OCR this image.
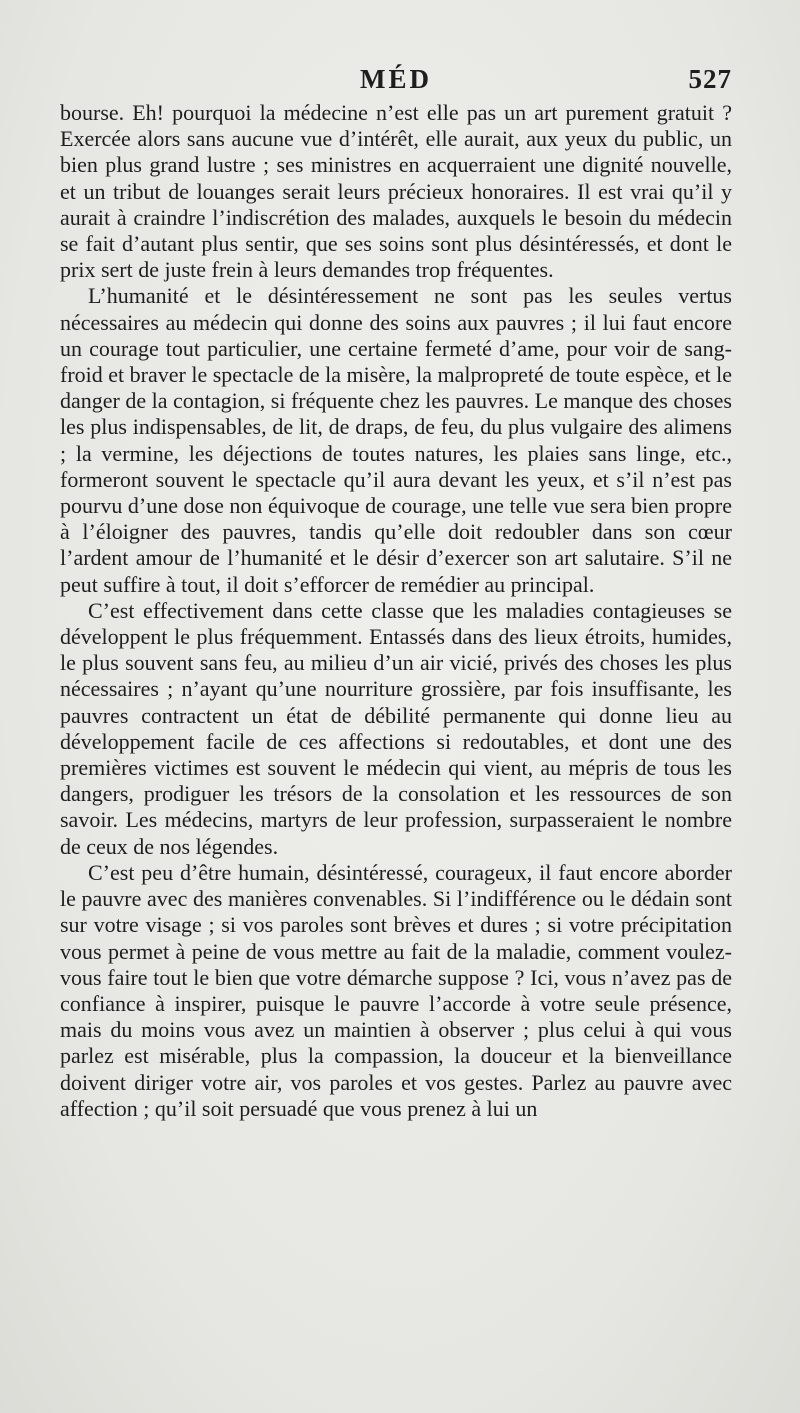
MÉD	527

bourse. Eh! pourquoi la médecine n’est elle pas un art purement gratuit ? Exercée alors sans aucune vue d’intérêt, elle aurait, aux yeux du public, un bien plus grand lustre ; ses ministres en acquerraient une dignité nouvelle, et un tribut de louanges serait leurs précieux honoraires. Il est vrai qu’il y aurait à craindre l’indiscrétion des malades, auxquels le besoin du médecin se fait d’autant plus sentir, que ses soins sont plus désintéressés, et dont le prix sert de juste frein à leurs demandes trop fréquentes.

L’humanité et le désintéressement ne sont pas les seules vertus nécessaires au médecin qui donne des soins aux pauvres ; il lui faut encore un courage tout particulier, une certaine fermeté d’ame, pour voir de sang-froid et braver le spectacle de la misère, la malpropreté de toute espèce, et le danger de la contagion, si fréquente chez les pauvres. Le manque des choses les plus indispensables, de lit, de draps, de feu, du plus vulgaire des alimens ; la vermine, les déjections de toutes natures, les plaies sans linge, etc., formeront souvent le spectacle qu’il aura devant les yeux, et s’il n’est pas pourvu d’une dose non équivoque de courage, une telle vue sera bien propre à l’éloigner des pauvres, tandis qu’elle doit redoubler dans son cœur l’ardent amour de l’humanité et le désir d’exercer son art salutaire. S’il ne peut suffire à tout, il doit s’efforcer de remédier au principal.

C’est effectivement dans cette classe que les maladies contagieuses se développent le plus fréquemment. Entassés dans des lieux étroits, humides, le plus souvent sans feu, au milieu d’un air vicié, privés des choses les plus nécessaires ; n’ayant qu’une nourriture grossière, par fois insuffisante, les pauvres contractent un état de débilité permanente qui donne lieu au développement facile de ces affections si redoutables, et dont une des premières victimes est souvent le médecin qui vient, au mépris de tous les dangers, prodiguer les trésors de la consolation et les ressources de son savoir. Les médecins, martyrs de leur profession, surpasseraient le nombre de ceux de nos légendes.

C’est peu d’être humain, désintéressé, courageux, il faut encore aborder le pauvre avec des manières convenables. Si l’indifférence ou le dédain sont sur votre visage ; si vos paroles sont brèves et dures ; si votre précipitation vous permet à peine de vous mettre au fait de la maladie, comment voulez-vous faire tout le bien que votre démarche suppose ? Ici, vous n’avez pas de confiance à inspirer, puisque le pauvre l’accorde à votre seule présence, mais du moins vous avez un maintien à observer ; plus celui à qui vous parlez est misérable, plus la compassion, la douceur et la bienveillance doivent diriger votre air, vos paroles et vos gestes. Parlez au pauvre avec affection ; qu’il soit persuadé que vous prenez à lui un
